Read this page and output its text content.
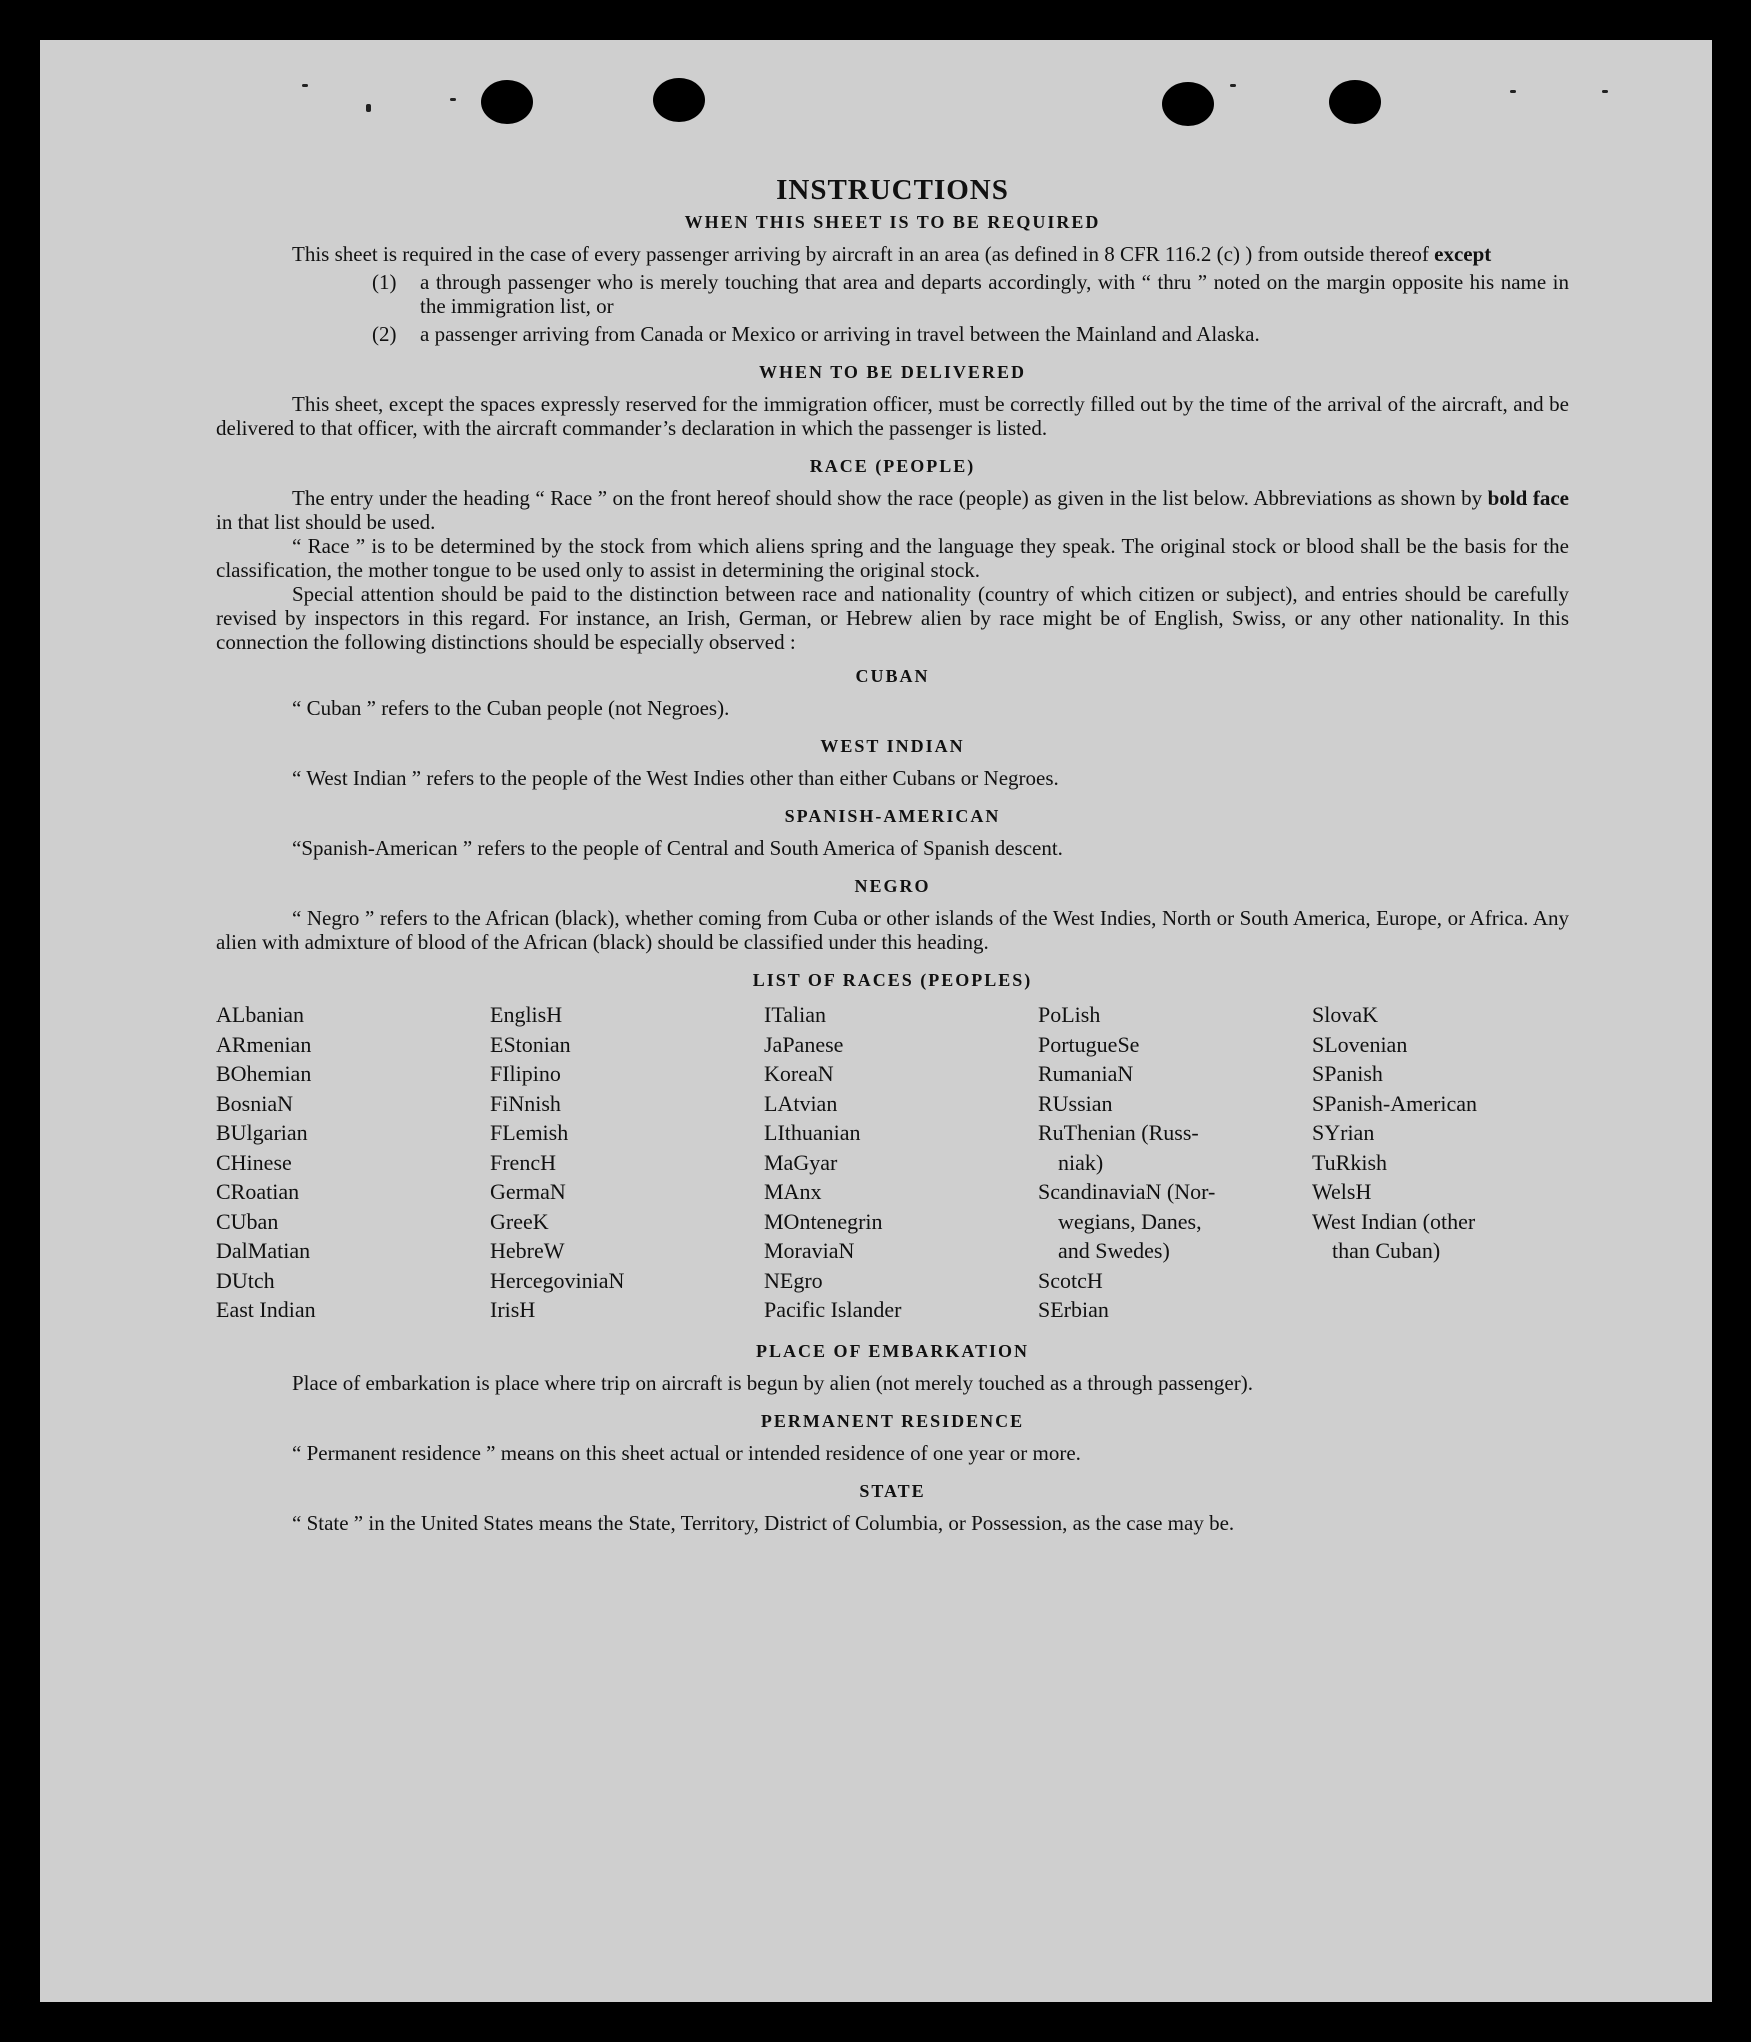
INSTRUCTIONS
WHEN THIS SHEET IS TO BE REQUIRED

This sheet is required in the case of every passenger arriving by aircraft in an area (as defined in 8 CFR 116.2 (c) ) from outside thereof except

(1) a through passenger who is merely touching that area and departs accordingly, with “ thru ” noted on the margin opposite his name in the immigration list, or
(2) a passenger arriving from Canada or Mexico or arriving in travel between the Mainland and Alaska.
WHEN TO BE DELIVERED

This sheet, except the spaces expressly reserved for the immigration officer, must be correctly filled out by the time of the arrival of the aircraft, and be delivered to that officer, with the aircraft commander’s declaration in which the passenger is listed.

RACE (PEOPLE)

The entry under the heading “ Race ” on the front hereof should show the race (people) as given in the list below. Abbreviations as shown by bold face in that list should be used.

“ Race ” is to be determined by the stock from which aliens spring and the language they speak. The original stock or blood shall be the basis for the classification, the mother tongue to be used only to assist in determining the original stock.

Special attention should be paid to the distinction between race and nationality (country of which citizen or subject), and entries should be carefully revised by inspectors in this regard. For instance, an Irish, German, or Hebrew alien by race might be of English, Swiss, or any other nationality. In this connection the following distinctions should be especially observed :

CUBAN
“ Cuban ” refers to the Cuban people (not Negroes).
WEST INDIAN
“ West Indian ” refers to the people of the West Indies other than either Cubans or Negroes.
SPANISH-AMERICAN
“Spanish-American ” refers to the people of Central and South America of Spanish descent.
NEGRO

“ Negro ” refers to the African (black), whether coming from Cuba or other islands of the West Indies, North or South America, Europe, or Africa. Any alien with admixture of blood of the African (black) should be classified under this heading.

LIST OF RACES (PEOPLES)
ALbanian
ARmenian
BOhemian
BosniaN
BUlgarian
CHinese
CRoatian
CUban
DalMatian
DUtch
East Indian
EnglisH
EStonian
FIlipino
FiNnish
FLemish
FrencH
GermaN
GreeK
HebreW
HercegoviniaN
IrisH
ITalian
JaPanese
KoreaN
LAtvian
LIthuanian
MaGyar
MAnx
MOntenegrin
MoraviaN
NEgro
Pacific Islander
PoLish
PortugueSe
RumaniaN
RUssian
RuThenian (Russ-
niak)
ScandinaviaN (Nor-
wegians, Danes,
and Swedes)
ScotcH
SErbian
SlovaK
SLovenian
SPanish
SPanish-American
SYrian
TuRkish
WelsH
West Indian (other
than Cuban)
PLACE OF EMBARKATION

Place of embarkation is place where trip on aircraft is begun by alien (not merely touched as a through passenger).

PERMANENT RESIDENCE
“ Permanent residence ” means on this sheet actual or intended residence of one year or more.
STATE

“ State ” in the United States means the State, Territory, District of Columbia, or Possession, as the case may be.
